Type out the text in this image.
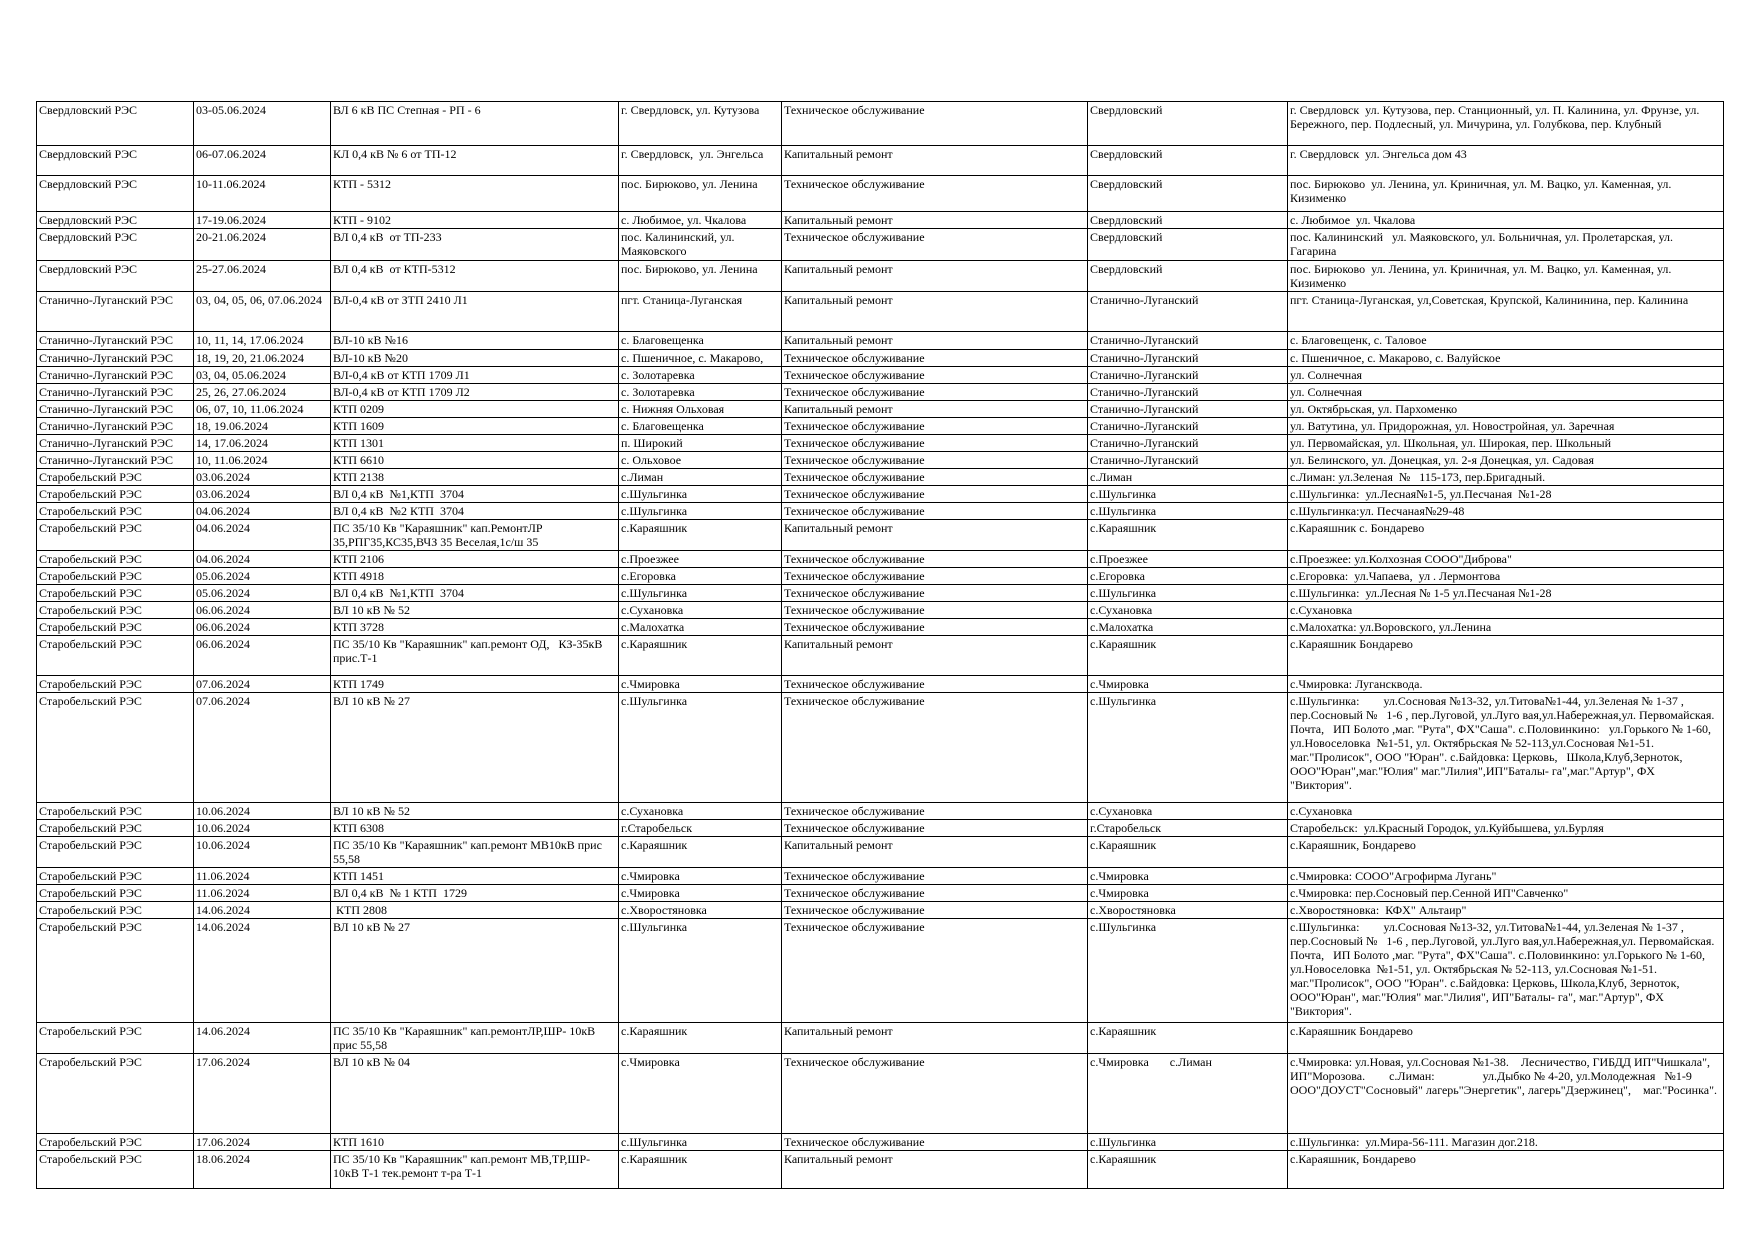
Свердловский РЭС	03-05.06.2024	ВЛ 6 кВ ПС Степная - РП - 6	г. Свердловск, ул. Кутузова	Техническое обслуживание	Свердловский	г. Свердловск  ул. Кутузова, пер. Станционный, ул. П. Калинина, ул. Фрунзе, ул. Бережного, пер. Подлесный, ул. Мичурина, ул. Голубкова, пер. Клубный
Свердловский РЭС	06-07.06.2024	КЛ 0,4 кВ № 6 от ТП-12	г. Свердловск,  ул. Энгельса	Капитальный ремонт	Свердловский	г. Свердловск  ул. Энгельса дом 43
Свердловский РЭС	10-11.06.2024	КТП - 5312	пос. Бирюково, ул. Ленина	Техническое обслуживание	Свердловский	пос. Бирюково  ул. Ленина, ул. Криничная, ул. М. Вацко, ул. Каменная, ул. Кизименко
Свердловский РЭС	17-19.06.2024	КТП - 9102	с. Любимое, ул. Чкалова	Капитальный ремонт	Свердловский	с. Любимое  ул. Чкалова
Свердловский РЭС	20-21.06.2024	ВЛ 0,4 кВ  от ТП-233	пос. Калининский, ул. Маяковского	Техническое обслуживание	Свердловский	пос. Калининский   ул. Маяковского, ул. Больничная, ул. Пролетарская, ул. Гагарина
Свердловский РЭС	25-27.06.2024	ВЛ 0,4 кВ  от КТП-5312	пос. Бирюково, ул. Ленина	Капитальный ремонт	Свердловский	пос. Бирюково  ул. Ленина, ул. Криничная, ул. М. Вацко, ул. Каменная, ул. Кизименко
Станично-Луганский РЭС	03, 04, 05, 06, 07.06.2024	ВЛ-0,4 кВ от ЗТП 2410 Л1	пгт. Станица-Луганская	Капитальный ремонт	Станично-Луганский	пгт. Станица-Луганская, ул,Советская, Крупской, Калининина, пер. Калинина
Станично-Луганский РЭС	10, 11, 14, 17.06.2024	ВЛ-10 кВ №16	с. Благовещенка	Капитальный ремонт	Станично-Луганский	с. Благовещенк, с. Таловое
Станично-Луганский РЭС	18, 19, 20, 21.06.2024	ВЛ-10 кВ №20	с. Пшеничное, с. Макарово,	Техническое обслуживание	Станично-Луганский	с. Пшеничное, с. Макарово, с. Валуйское
Станично-Луганский РЭС	03, 04, 05.06.2024	ВЛ-0,4 кВ от КТП 1709 Л1	с. Золотаревка	Техническое обслуживание	Станично-Луганский	ул. Солнечная
Станично-Луганский РЭС	25, 26, 27.06.2024	ВЛ-0,4 кВ от КТП 1709 Л2	с. Золотаревка	Техническое обслуживание	Станично-Луганский	ул. Солнечная
Станично-Луганский РЭС	06, 07, 10, 11.06.2024	КТП 0209	с. Нижняя Ольховая	Капитальный ремонт	Станично-Луганский	ул. Октябрьская, ул. Пархоменко
Станично-Луганский РЭС	18, 19.06.2024	КТП 1609	с. Благовещенка	Техническое обслуживание	Станично-Луганский	ул. Ватутина, ул. Придорожная, ул. Новостройная, ул. Заречная
Станично-Луганский РЭС	14, 17.06.2024	КТП 1301	п. Широкий	Техническое обслуживание	Станично-Луганский	ул. Первомайская, ул. Школьная, ул. Широкая, пер. Школьный
Станично-Луганский РЭС	10, 11.06.2024	КТП 6610	с. Ольховое	Техническое обслуживание	Станично-Луганский	ул. Белинского, ул. Донецкая, ул. 2-я Донецкая, ул. Садовая
Старобельский РЭС	03.06.2024	КТП 2138	с.Лиман	Техническое обслуживание	с.Лиман	с.Лиман: ул.Зеленая  №   115-173, пер.Бригадный.
Старобельский РЭС	03.06.2024	ВЛ 0,4 кВ  №1,КТП  3704	с.Шульгинка	Техническое обслуживание	с.Шульгинка	с.Шульгинка:  ул.Лесная№1-5, ул.Песчаная  №1-28
Старобельский РЭС	04.06.2024	ВЛ 0,4 кВ  №2 КТП  3704	с.Шульгинка	Техническое обслуживание	с.Шульгинка	с.Шульгинка:ул. Песчаная№29-48
Старобельский РЭС	04.06.2024	ПС 35/10 Кв "Караяшник" кап.РемонтЛР 35,РПГ35,КС35,ВЧЗ 35 Веселая,1с/ш 35	с.Караяшник	Капитальный ремонт	с.Караяшник	с.Караяшник с. Бондарево
Старобельский РЭС	04.06.2024	КТП 2106	с.Проезжее	Техническое обслуживание	с.Проезжее	с.Проезжее: ул.Колхозная СООО"Диброва"
Старобельский РЭС	05.06.2024	КТП 4918	с.Егоровка	Техническое обслуживание	с.Егоровка	с.Егоровка:  ул.Чапаева,  ул . Лермонтова
Старобельский РЭС	05.06.2024	ВЛ 0,4 кВ  №1,КТП  3704	с.Шульгинка	Техническое обслуживание	с.Шульгинка	с.Шульгинка:  ул.Лесная № 1-5 ул.Песчаная №1-28
Старобельский РЭС	06.06.2024	ВЛ 10 кВ № 52	с.Сухановка	Техническое обслуживание	с.Сухановка	с.Сухановка
Старобельский РЭС	06.06.2024	КТП 3728	с.Малохатка	Техническое обслуживание	с.Малохатка	с.Малохатка: ул.Воровского, ул.Ленина
Старобельский РЭС	06.06.2024	ПС 35/10 Кв "Караяшник" кап.ремонт ОД,   КЗ-35кВ прис.Т-1	с.Караяшник	Капитальный ремонт	с.Караяшник	с.Караяшник Бондарево
Старобельский РЭС	07.06.2024	КТП 1749	с.Чмировка	Техническое обслуживание	с.Чмировка	с.Чмировка: Лугансквода.
Старобельский РЭС	07.06.2024	ВЛ 10 кВ № 27	с.Шульгинка	Техническое обслуживание	с.Шульгинка	с.Шульгинка:        ул.Сосновая №13-32, ул.Титова№1-44, ул.Зеленая № 1-37 , пер.Сосновый №   1-6 , пер.Луговой, ул.Луго вая,ул.Набережная,ул. Первомайская.  Почта,   ИП Болото ,маг. "Рута", ФХ"Саша". с.Половинкино:   ул.Горького № 1-60, ул.Новоселовка  №1-51, ул. Октябрьская № 52-113,ул.Сосновая №1-51. маг."Пролисок", ООО "Юран". с.Байдовка: Церковь,   Школа,Клуб,Зерноток, ООО"Юран",маг."Юлия" маг."Лилия",ИП"Баталы- га",маг."Артур", ФХ      "Виктория".
Старобельский РЭС	10.06.2024	ВЛ 10 кВ № 52	с.Сухановка	Техническое обслуживание	с.Сухановка	с.Сухановка
Старобельский РЭС	10.06.2024	КТП 6308	г.Старобельск	Техническое обслуживание	г.Старобельск	Старобельск:  ул.Красный Городок, ул.Куйбышева, ул.Бурляя
Старобельский РЭС	10.06.2024	ПС 35/10 Кв "Караяшник" кап.ремонт МВ10кВ прис 55,58	с.Караяшник	Капитальный ремонт	с.Караяшник	с.Караяшник, Бондарево
Старобельский РЭС	11.06.2024	КТП 1451	с.Чмировка	Техническое обслуживание	с.Чмировка	с.Чмировка: СООО"Агрофирма Лугань"
Старобельский РЭС	11.06.2024	ВЛ 0,4 кВ  № 1 КТП  1729	с.Чмировка	Техническое обслуживание	с.Чмировка	с.Чмировка: пер.Сосновый пер.Сенной ИП"Савченко"
Старобельский РЭС	14.06.2024	КТП 2808	с.Хворостяновка	Техническое обслуживание	с.Хворостяновка	с.Хворостяновка:  КФХ" Альтаир"
Старобельский РЭС	14.06.2024	ВЛ 10 кВ № 27	с.Шульгинка	Техническое обслуживание	с.Шульгинка	с.Шульгинка:        ул.Сосновая №13-32, ул.Титова№1-44, ул.Зеленая № 1-37 , пер.Сосновый №   1-6 , пер.Луговой, ул.Луго вая,ул.Набережная,ул. Первомайская.  Почта,   ИП Болото ,маг. "Рута", ФХ"Саша". с.Половинкино: ул.Горького № 1-60, ул.Новоселовка  №1-51, ул. Октябрьская № 52-113, ул.Сосновая №1-51. маг."Пролисок", ООО "Юран". с.Байдовка: Церковь, Школа,Клуб, Зерноток, ООО"Юран", маг."Юлия" маг."Лилия", ИП"Баталы- га", маг."Артур", ФХ      "Виктория".
Старобельский РЭС	14.06.2024	ПС 35/10 Кв "Караяшник" кап.ремонтЛР,ШР- 10кВ прис 55,58	с.Караяшник	Капитальный ремонт	с.Караяшник	с.Караяшник Бондарево
Старобельский РЭС	17.06.2024	ВЛ 10 кВ № 04	с.Чмировка	Техническое обслуживание	с.Чмировка       с.Лиман	с.Чмировка: ул.Новая, ул.Сосновая №1-38.    Лесничество, ГИБДД ИП"Чишкала", ИП"Морозова.        с.Лиман:                ул.Дыбко № 4-20, ул.Молодежная   №1-9 ООО"ДОУСТ"Сосновый" лагерь"Энергетик", лагерь"Дзержинец",    маг."Росинка".
Старобельский РЭС	17.06.2024	КТП 1610	с.Шульгинка	Техническое обслуживание	с.Шульгинка	с.Шульгинка:  ул.Мира-56-111. Магазин дог.218.
Старобельский РЭС	18.06.2024	ПС 35/10 Кв "Караяшник" кап.ремонт МВ,ТР,ШР- 10кВ Т-1 тек.ремонт т-ра Т-1	с.Караяшник	Капитальный ремонт	с.Караяшник	с.Караяшник, Бондарево
